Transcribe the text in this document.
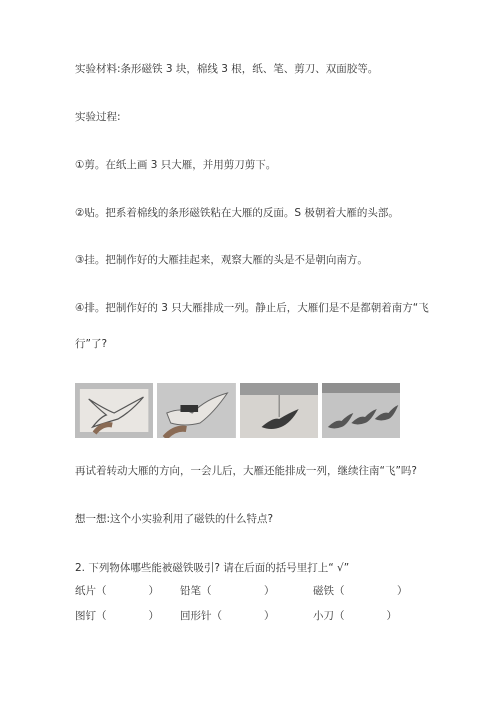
实验材料:条形磁铁 3 块，棉线 3 根，纸、笔、剪刀、双面胶等。
实验过程:
①剪。在纸上画 3 只大雁，并用剪刀剪下。
②贴。把系着棉线的条形磁铁粘在大雁的反面。S 极朝着大雁的头部。
③挂。把制作好的大雁挂起来，观察大雁的头是不是朝向南方。
④排。把制作好的 3 只大雁排成一列。静止后，大雁们是不是都朝着南方“飞
行”了?
再试着转动大雁的方向，一会儿后，大雁还能排成一列，继续往南“飞”吗?
想一想:这个小实验利用了磁铁的什么特点?
2. 下列物体哪些能被磁铁吸引? 请在后面的括号里打上“ √”
纸片（　　　　） 铅笔（　　　　　）	磁铁（　　　　　）
图钉（　　　　） 回形针（　　　　）	小刀（　　　　）
